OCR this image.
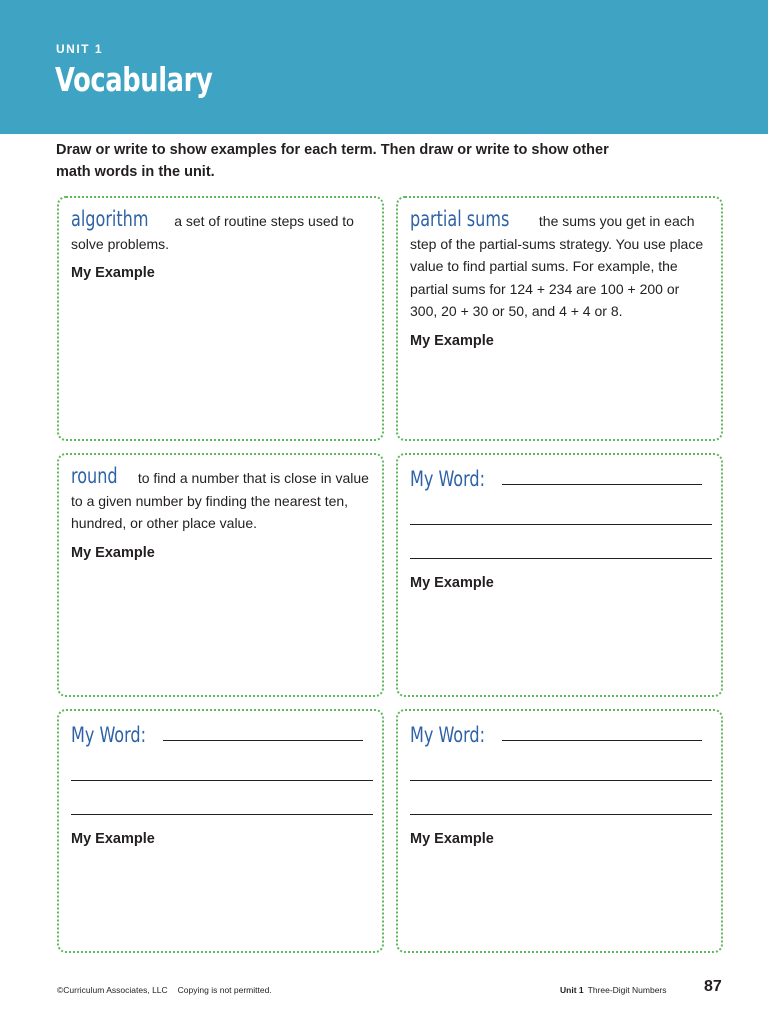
UNIT 1
Vocabulary
Draw or write to show examples for each term. Then draw or write to show other math words in the unit.
algorithm a set of routine steps used to solve problems.
My Example
partial sums the sums you get in each step of the partial-sums strategy. You use place value to find partial sums. For example, the partial sums for 124 + 234 are 100 + 200 or 300, 20 + 30 or 50, and 4 + 4 or 8.
My Example
round to find a number that is close in value to a given number by finding the nearest ten, hundred, or other place value.
My Example
My Word:
My Example
My Word:
My Example
My Word:
My Example
©Curriculum Associates, LLC Copying is not permitted.	Unit 1 Three-Digit Numbers 87
